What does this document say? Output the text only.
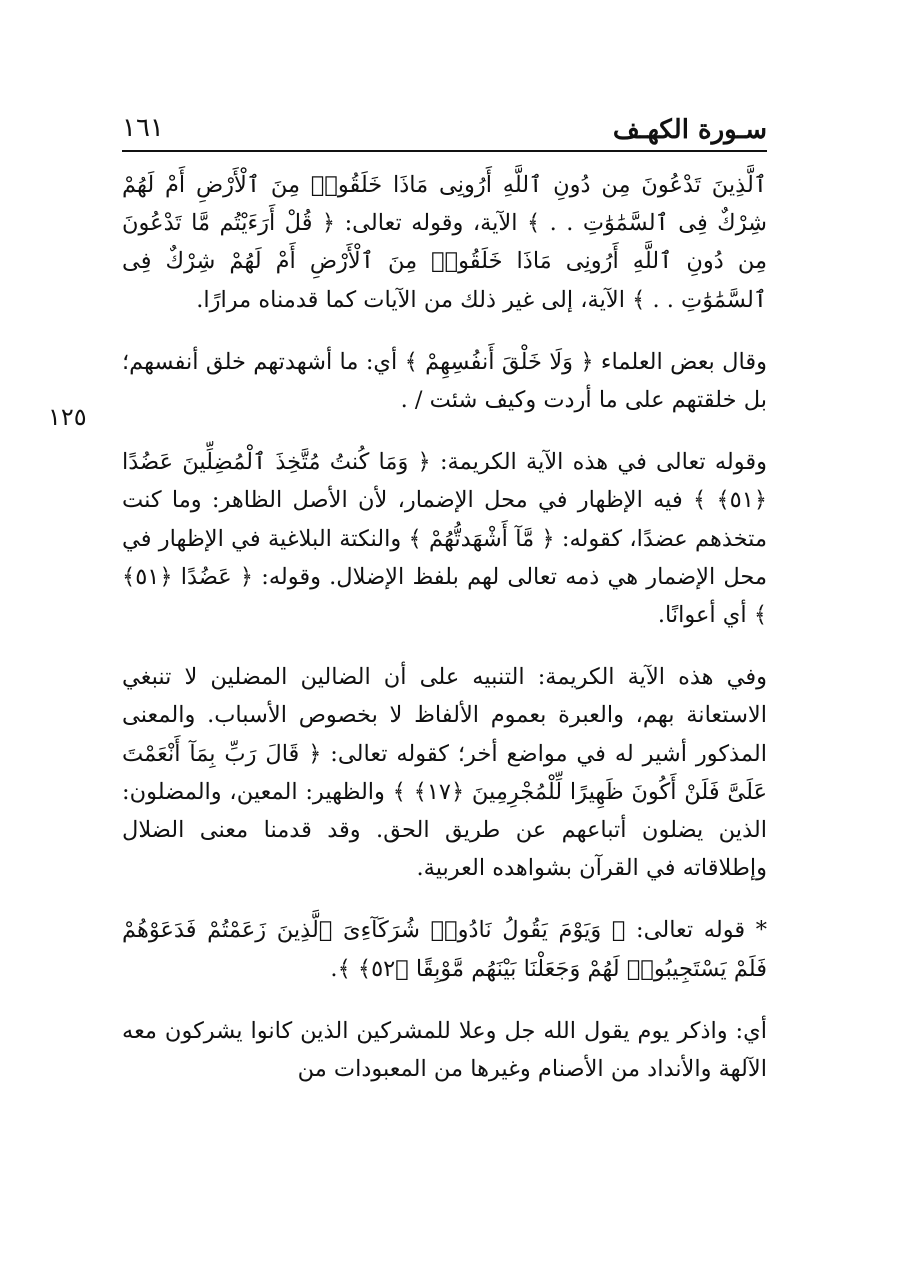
١٦١	سـورة الكهـف
١٢٥

ٱلَّذِينَ تَدْعُونَ مِن دُونِ ٱللَّهِ أَرُونِى مَاذَا خَلَقُوا۟ مِنَ ٱلْأَرْضِ أَمْ لَهُمْ شِرْكٌ فِى ٱلسَّمَٰوَٰتِ . . ﴾ الآية، وقوله تعالى: ﴿ قُلْ أَرَءَيْتُم مَّا تَدْعُونَ مِن دُونِ ٱللَّهِ أَرُونِى مَاذَا خَلَقُوا۟ مِنَ ٱلْأَرْضِ أَمْ لَهُمْ شِرْكٌ فِى ٱلسَّمَٰوَٰتِ . . ﴾ الآية، إلى غير ذلك من الآيات كما قدمناه مرارًا.

وقال بعض العلماء ﴿ وَلَا خَلْقَ أَنفُسِهِمْ ﴾ أي: ما أشهدتهم خلق أنفسهم؛ بل خلقتهم على ما أردت وكيف شئت / .

وقوله تعالى في هذه الآية الكريمة: ﴿ وَمَا كُنتُ مُتَّخِذَ ٱلْمُضِلِّينَ عَضُدًا ﴿٥١﴾ ﴾ فيه الإظهار في محل الإضمار، لأن الأصل الظاهر: وما كنت متخذهم عضدًا، كقوله: ﴿ مَّآ أَشْهَدتُّهُمْ ﴾ والنكتة البلاغية في الإظهار في محل الإضمار هي ذمه تعالى لهم بلفظ الإضلال. وقوله: ﴿ عَضُدًا ﴿٥١﴾ ﴾ أي أعوانًا.

وفي هذه الآية الكريمة: التنبيه على أن الضالين المضلين لا تنبغي الاستعانة بهم، والعبرة بعموم الألفاظ لا بخصوص الأسباب. والمعنى المذكور أشير له في مواضع أخر؛ كقوله تعالى: ﴿ قَالَ رَبِّ بِمَآ أَنْعَمْتَ عَلَىَّ فَلَنْ أَكُونَ ظَهِيرًا لِّلْمُجْرِمِينَ ﴿١٧﴾ ﴾ والظهير: المعين، والمضلون: الذين يضلون أتباعهم عن طريق الحق. وقد قدمنا معنى الضلال وإطلاقاته في القرآن بشواهده العربية.

* قوله تعالى: ﴿ وَيَوْمَ يَقُولُ نَادُوا۟ شُرَكَآءِىَ ٱلَّذِينَ زَعَمْتُمْ فَدَعَوْهُمْ فَلَمْ يَسْتَجِيبُوا۟ لَهُمْ وَجَعَلْنَا بَيْنَهُم مَّوْبِقًا ﴿٥٢﴾ ﴾.

أي: واذكر يوم يقول الله جل وعلا للمشركين الذين كانوا يشركون معه الآلهة والأنداد من الأصنام وغيرها من المعبودات من
